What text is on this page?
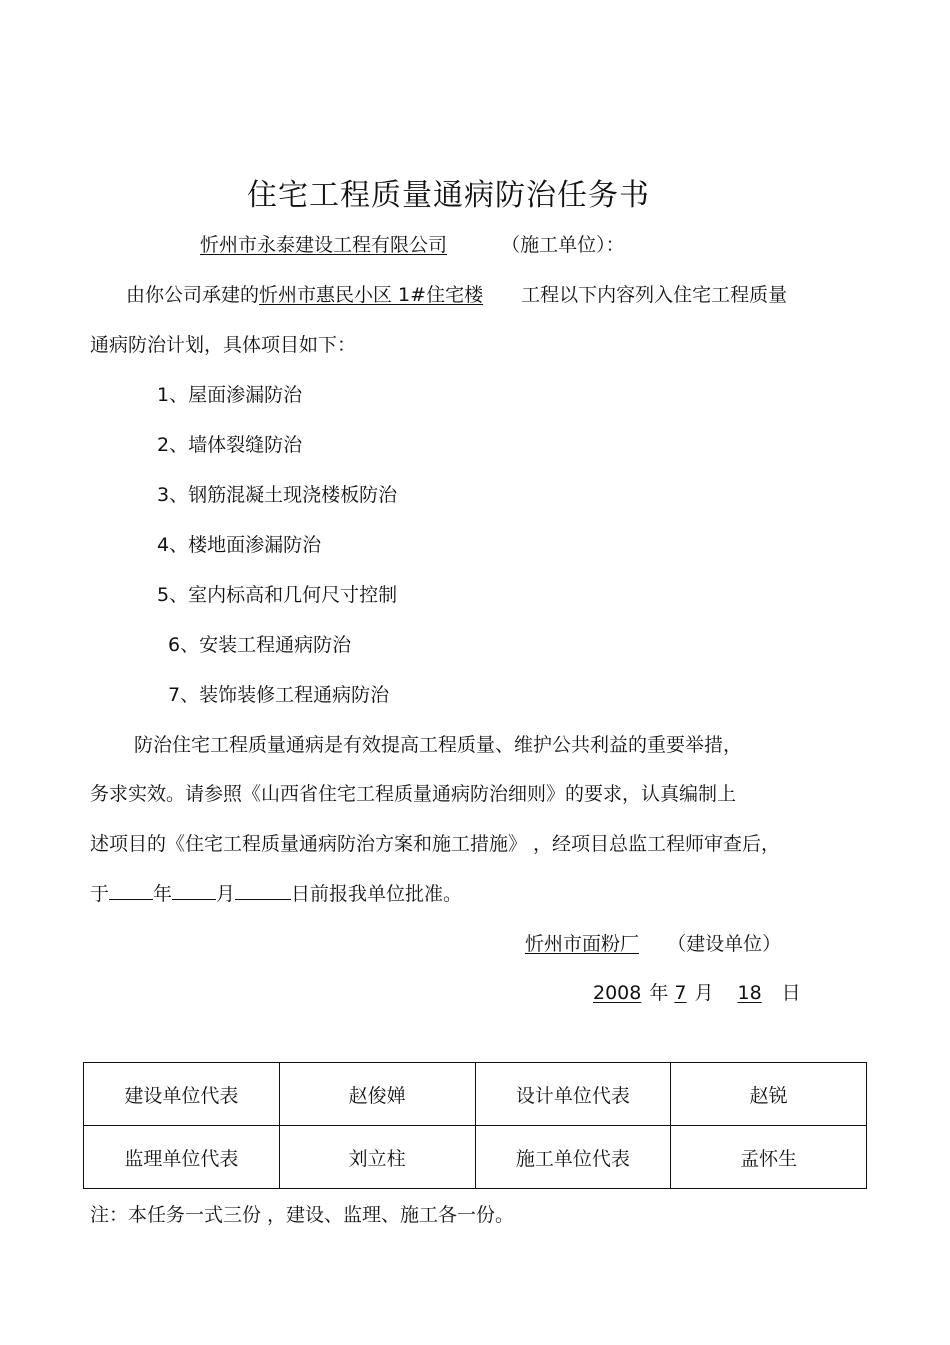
住宅工程质量通病防治任务书
忻州市永泰建设工程有限公司	（施工单位）：
由你公司承建的忻州市惠民小区 1#住宅楼 工程以下内容列入住宅工程质量
通病防治计划，具体项目如下：
1、屋面渗漏防治
2、墙体裂缝防治
3、钢筋混凝土现浇楼板防治
4、楼地面渗漏防治
5、室内标高和几何尺寸控制
6、安装工程通病防治
7、装饰装修工程通病防治
防治住宅工程质量通病是有效提高工程质量、维护公共利益的重要举措，
务求实效。请参照《山西省住宅工程质量通病防治细则》的要求，认真编制上
述项目的《住宅工程质量通病防治方案和施工措施》 ，经项目总监工程师审查后，
于 年 月	日前报我单位批准。
忻州市面粉厂 （建设单位）
2008 年 7 月 18 日
建设单位代表	赵俊婵	设计单位代表	赵锐
监理单位代表	刘立柱	施工单位代表	孟怀生
注：本任务一式三份 ，建设、监理、施工各一份。
